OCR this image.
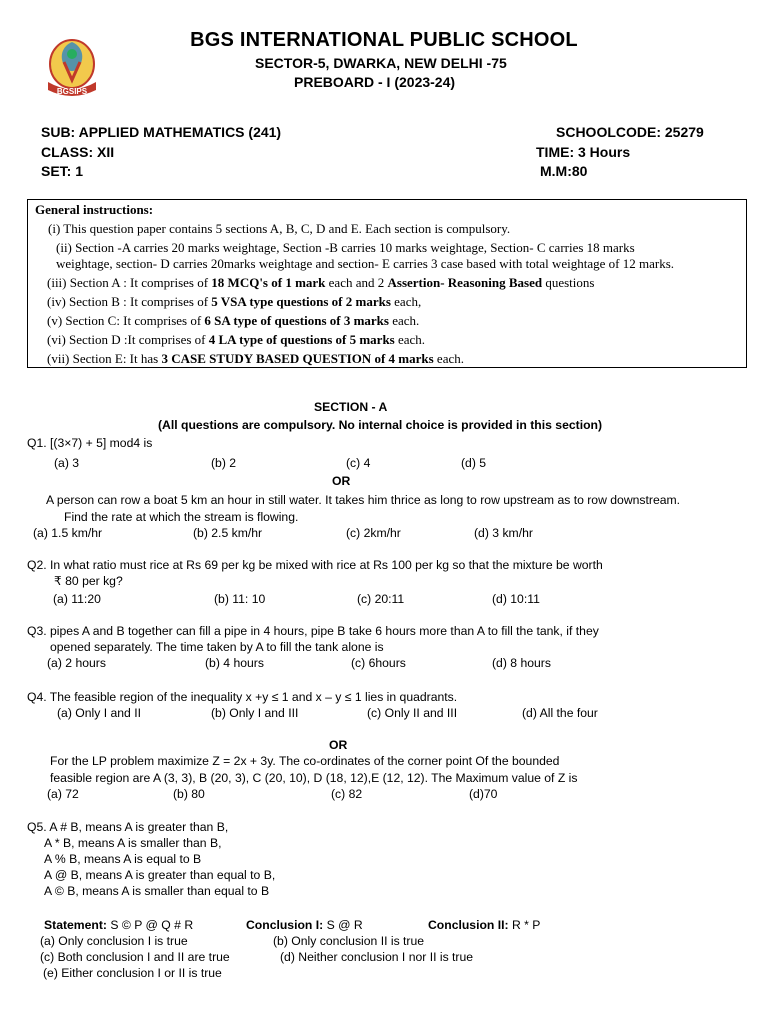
BGSIPS
BGS INTERNATIONAL PUBLIC SCHOOL
SECTOR-5, DWARKA, NEW DELHI -75
PREBOARD - I (2023-24)
SUB: APPLIED MATHEMATICS (241)	SCHOOLCODE: 25279
CLASS: XII	TIME: 3 Hours
SET: 1	M.M:80
General instructions:
(i) This question paper contains 5 sections A, B, C, D and E. Each section is compulsory.
(ii) Section -A carries 20 marks weightage, Section -B carries 10 marks weightage, Section- C carries 18 marks
weightage, section- D carries 20marks weightage and section- E carries 3 case based with total weightage of 12 marks.
(iii) Section A : It comprises of 18 MCQ's of 1 mark each and 2 Assertion- Reasoning Based questions
(iv) Section B : It comprises of 5 VSA type questions of 2 marks each,
(v) Section C: It comprises of 6 SA type of questions of 3 marks each.
(vi) Section D :It comprises of 4 LA type of questions of 5 marks each.
(vii) Section E: It has 3 CASE STUDY BASED QUESTION of 4 marks each.
SECTION - A
(All questions are compulsory. No internal choice is provided in this section)
Q1. [(3×7) + 5] mod4 is
(a) 3	(b) 2	(c) 4	(d) 5
OR
A person can row a boat 5 km an hour in still water. It takes him thrice as long to row upstream as to row downstream.
Find the rate at which the stream is flowing.
(a) 1.5 km/hr	(b) 2.5 km/hr	(c) 2km/hr	(d) 3 km/hr
Q2. In what ratio must rice at Rs 69 per kg be mixed with rice at Rs 100 per kg so that the mixture be worth
₹ 80 per kg?
(a) 11:20	(b) 11: 10	(c) 20:11	(d) 10:11
Q3. pipes A and B together can fill a pipe in 4 hours, pipe B take 6 hours more than A to fill the tank, if they
opened separately. The time taken by A to fill the tank alone is
(a) 2 hours	(b) 4 hours	(c) 6hours	(d) 8 hours
Q4. The feasible region of the inequality x +y ≤ 1 and x – y ≤ 1 lies in quadrants.
(a) Only I and II	(b) Only I and III	(c) Only II and III	(d) All the four
OR
For the LP problem maximize Z = 2x + 3y. The co-ordinates of the corner point Of the bounded
feasible region are A (3, 3), B (20, 3), C (20, 10), D (18, 12),E (12, 12). The Maximum value of Z is
(a) 72	(b) 80	(c) 82	(d)70
Q5. A # B, means A is greater than B,
A * B, means A is smaller than B,
A % B, means A is equal to B
A @ B, means A is greater than equal to B,
A © B, means A is smaller than equal to B
Statement: S © P @ Q # R	Conclusion I: S @ R	Conclusion II: R * P
(a) Only conclusion I is true	(b) Only conclusion II is true
(c) Both conclusion I and II are true	(d) Neither conclusion I nor II is true
(e) Either conclusion I or II is true
